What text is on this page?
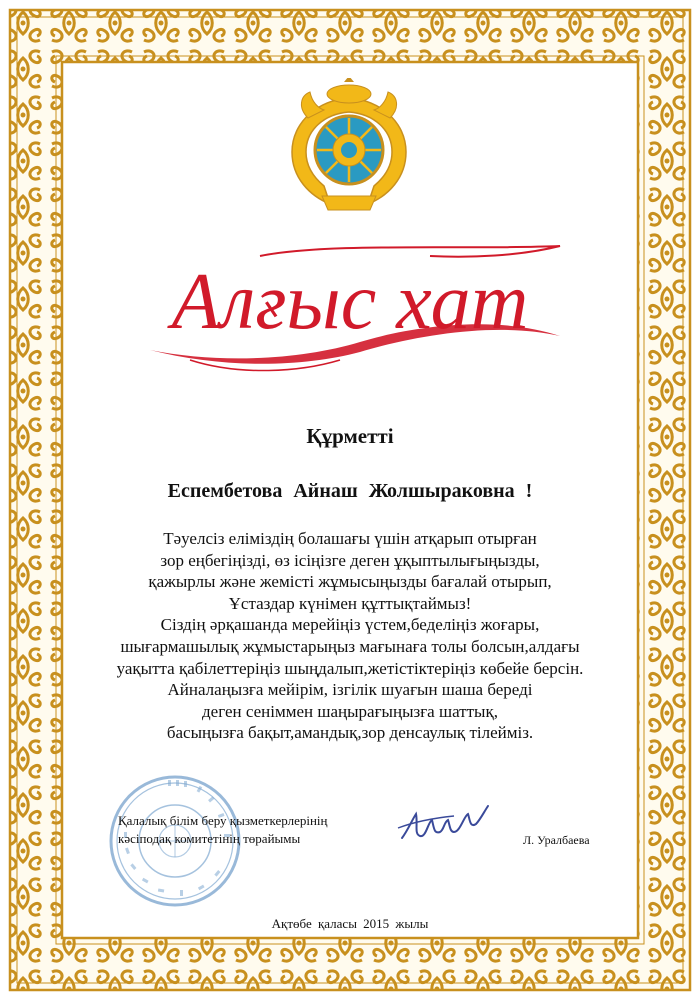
Алғыс хат
Құрметті
Еспембетова Айнаш Жолшыраковна !
Тәуелсіз еліміздің болашағы үшін атқарып отырған
зор еңбегіңізді, өз ісіңізге деген ұқыптылығыңызды,
қажырлы және жемісті жұмысыңызды бағалай отырып,
Ұстаздар күнімен құттықтаймыз!
Сіздің әрқашанда мерейіңіз үстем,беделіңіз жоғары,
шығармашылық жұмыстарыңыз мағынаға толы болсын,алдағы
уақытта қабілеттеріңіз шыңдалып,жетістіктеріңіз көбейе берсін.
Айналаңызға мейірім, ізгілік шуағын шаша береді
деген сеніммен шаңырағыңызға шаттық,
басыңызға бақыт,амандық,зор денсаулық тілейміз.
Қалалық білім беру қызметкерлерінің
кәсіподақ комитетінің төрайымы	Л. Уралбаева
Ақтөбе қаласы 2015 жылы
